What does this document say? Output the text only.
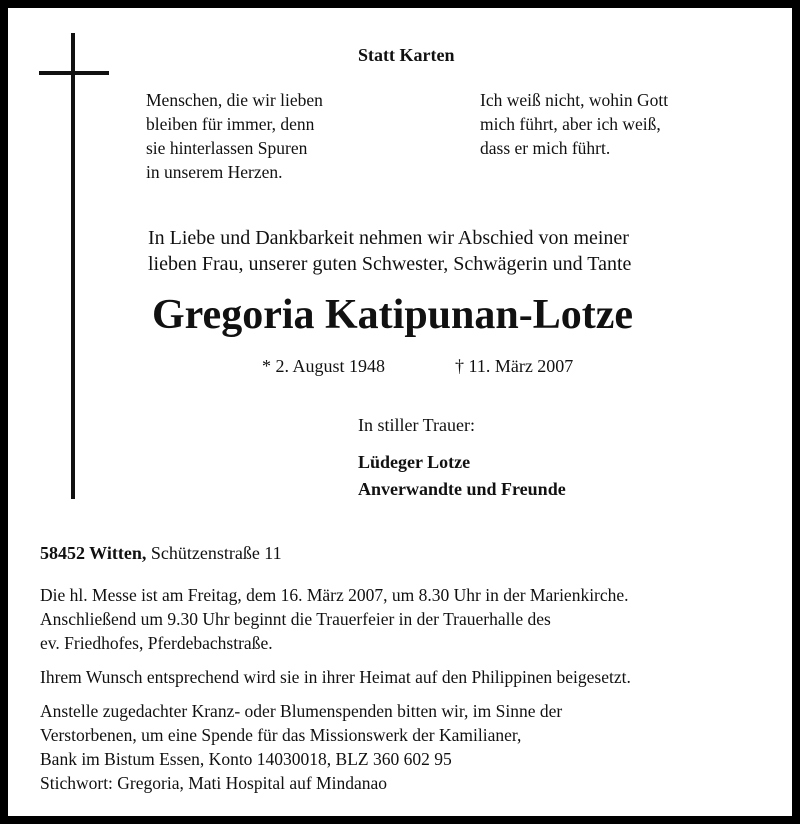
Statt Karten
Menschen, die wir lieben
bleiben für immer, denn
sie hinterlassen Spuren
in unserem Herzen.
Ich weiß nicht, wohin Gott
mich führt, aber ich weiß,
dass er mich führt.
In Liebe und Dankbarkeit nehmen wir Abschied von meiner
lieben Frau, unserer guten Schwester, Schwägerin und Tante
Gregoria Katipunan-Lotze
* 2. August 1948	† 11. März 2007
In stiller Trauer:
Lüdeger Lotze
Anverwandte und Freunde
58452 Witten, Schützenstraße 11
Die hl. Messe ist am Freitag, dem 16. März 2007, um 8.30 Uhr in der Marienkirche.
Anschließend um 9.30 Uhr beginnt die Trauerfeier in der Trauerhalle des
ev. Friedhofes, Pferdebachstraße.
Ihrem Wunsch entsprechend wird sie in ihrer Heimat auf den Philippinen beigesetzt.
Anstelle zugedachter Kranz- oder Blumenspenden bitten wir, im Sinne der
Verstorbenen, um eine Spende für das Missionswerk der Kamilianer,
Bank im Bistum Essen, Konto 14030018, BLZ 360 602 95
Stichwort: Gregoria, Mati Hospital auf Mindanao
